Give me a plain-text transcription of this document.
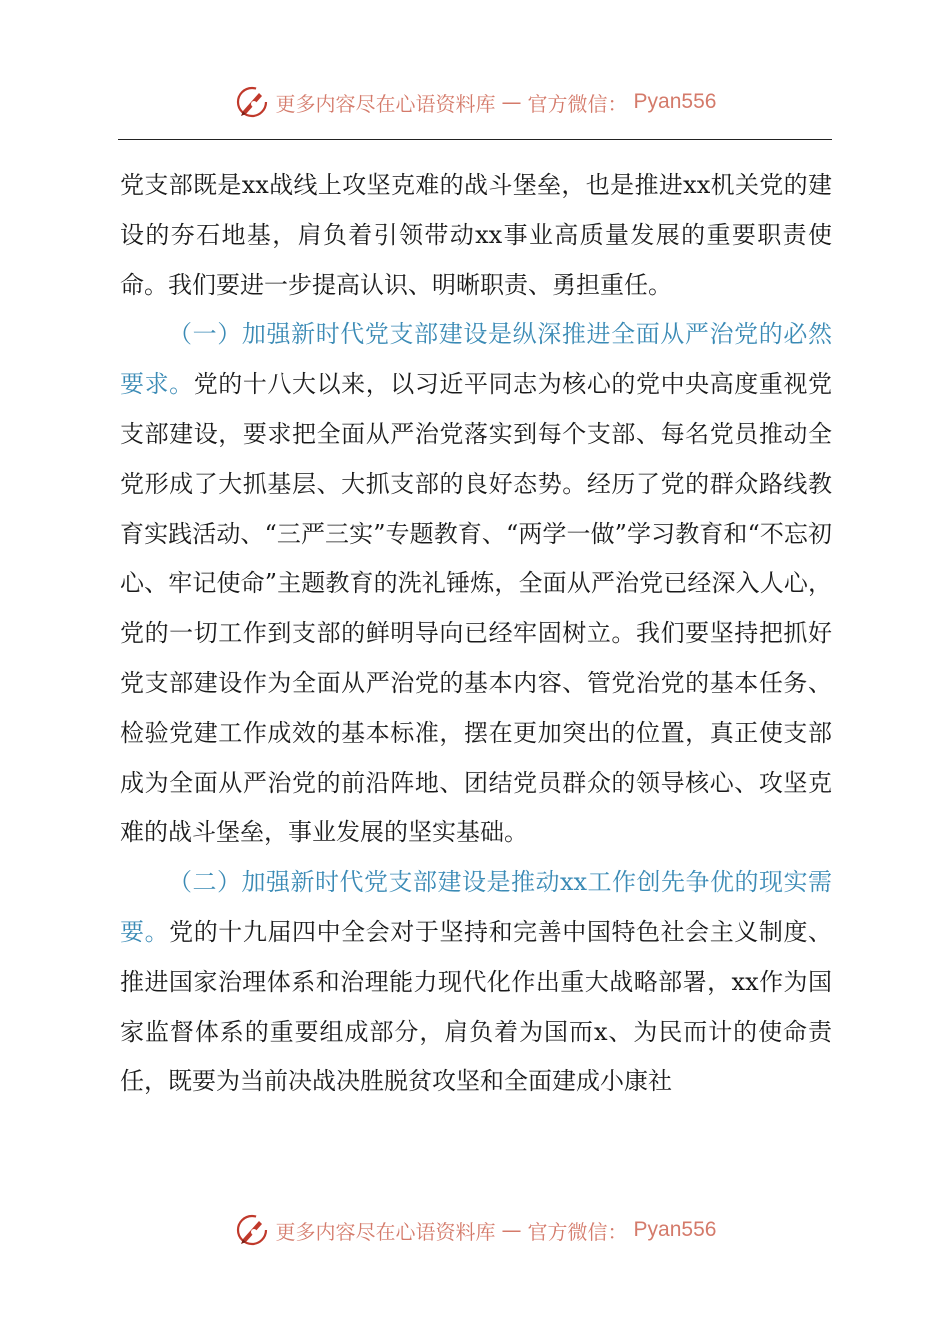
更多内容尽在心语资料库 — 官方微信： Pyan556

党支部既是xx战线上攻坚克难的战斗堡垒，也是推进xx机关党的建设的夯石地基，肩负着引领带动xx事业高质量发展的重要职责使命。我们要进一步提高认识、明晰职责、勇担重任。

（一）加强新时代党支部建设是纵深推进全面从严治党的必然要求。党的十八大以来，以习近平同志为核心的党中央高度重视党支部建设，要求把全面从严治党落实到每个支部、每名党员推动全党形成了大抓基层、大抓支部的良好态势。经历了党的群众路线教育实践活动、“三严三实”专题教育、“两学一做”学习教育和“不忘初心、牢记使命”主题教育的洗礼锤炼，全面从严治党已经深入人心，党的一切工作到支部的鲜明导向已经牢固树立。我们要坚持把抓好党支部建设作为全面从严治党的基本内容、管党治党的基本任务、检验党建工作成效的基本标准，摆在更加突出的位置，真正使支部成为全面从严治党的前沿阵地、团结党员群众的领导核心、攻坚克难的战斗堡垒，事业发展的坚实基础。

（二）加强新时代党支部建设是推动xx工作创先争优的现实需要。党的十九届四中全会对于坚持和完善中国特色社会主义制度、推进国家治理体系和治理能力现代化作出重大战略部署，xx作为国家监督体系的重要组成部分，肩负着为国而x、为民而计的使命责任，既要为当前决战决胜脱贫攻坚和全面建成小康社

更多内容尽在心语资料库 — 官方微信： Pyan556
